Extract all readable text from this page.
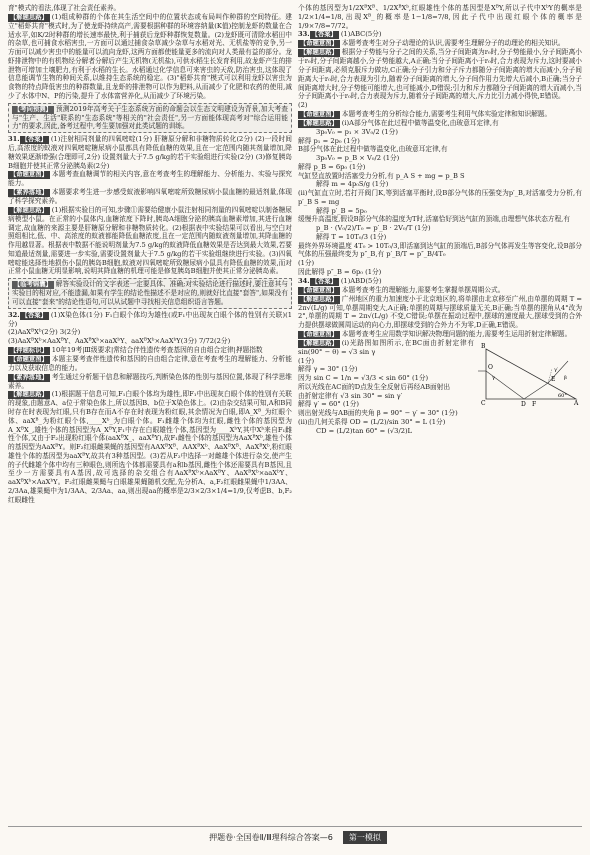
育"模式的看法,体现了社会责任素养。

【解题思路】 (1)组成种群的个体在其生活空间中的位置状态或布局叫作种群的空间特征。建立"稻虾共育"模式时,为了使龙虾持续高产,需要根据种群的环境容纳量(K值)控制龙虾的数量在合适水平,如K/2时种群的增长速率最快,利于捕获后龙虾种群恢复数量。(2)龙虾既可清除水稻田中的杂草,也可捕食水稻害虫,一方面可以通过捕食杂草减少杂草与水稻对光、无机盐等的竞争,另一方面可以减少害虫中的能量可以流向龙虾,这两方面都使能量更多的流向对人类最有益的部分。龙虾排泄物中的有机物经分解者分解后产生无机物(无机盐),可供水稻生长发育利用,故龙虾产生的排泄物可增加土壤肥力,有利于水稻的生长。水稻通过化学信息可来害虫的天敌,防治害虫,这体现了信息能调节生物的种间关系,以维持生态系统的稳定。(3)"稻虾共育"模式可以利用龙虾以害虫为食物的特点降低害虫的种群数量,且龙虾的排泄物可以作为肥料,从而减少了化肥和农药的使用,减少了水体中N、P的污染,提升了水体富营养化,从而减少了环境污染。

【考向预测】 预测2019年高考关于生态系统方面的命题会以生态文明建设为背景,加大考查与"生产、生活"联系的"生态系统"等相关的"社会责任",另一方面能体现高考对"综合运用能力"的要求,因此,备考过程中,考生要加强对此类试题的训练。

31. 【答案】 (1)注射相同剂量的四氧嘧啶(1分) 肝糖原分解和非糖物质转化(2分) (2)一段时间后,高浓度的蚁液对四氧嘧啶糖尿病小鼠都具有降低血糖的效果,且在一定范围内随其剂量增加,降糖效果逐渐增强(合理即可,2分) 设置剂量大于7.5 g/kg的若干实验组进行实验(2分) (3)修复胰岛B细胞并使其正常分泌胰岛素(2分)

【命题意图】 本题考查血糖调节的相关内容,意在考查考生的理解能力、分析能力、实验与探究能力。

【素养落地】 本题要求考生进一步感受蚁液影响四氧嘧啶所致糖尿病小鼠血糖的最适剂量,体现了科学探究素养。

【解题思路】 (1)根据实验目的可知,步骤①需要给健康小鼠注射相同剂量的四氧嘧啶以制备糖尿病模型小鼠。在正常的小鼠体内,血糖浓度下降时,胰岛A细胞分泌的胰高血糖素增加,其进行血糖调定,故血糖的来源主要是肝糖原分解和非糖物质转化。(2)根据表中实验结果可以看出,与空白对照组相比,低、中、高浓度的蚁液都能降低血糖浓度,且在一定范围内随蚁液剂量增加,其降血糖的作用越显著。根据表中数据不能说明剂量为7.5 g/kg的蚁液降低血糖效果是否达到最大效果,若要知道最适剂量,需要进一步实验,需要设置剂量大于7.5 g/kg的若干实验组继续进行实验。(3)四氧嘧啶能选择性地损伤小鼠的胰岛B细胞,蚁液对四氧嘧啶所致糖尿病小鼠具有降低血糖的效果,而对正常小鼠血糖无明显影响,说明其降血糖的机理可能是修复胰岛B细胞并使其正常分泌胰岛素。

【临考锦囊】 解答实验设计的文字表述一定要具体、准确;对实验结论进行描述时,要注意其与实验目的相对应,不能遗漏,如果有学生的结论性描述不是对应的,则就好比直接"套答",如果没有可以直接"套来"的结论性语句,可以从试题中寻找相关信息组织语言答题。

32. 【答案】 (1)X染色体(1分) F₁白眼个体均为雄性(或F₁中出现灰白眼个体的性别有关联)(1分)

(2)AaXᴮXᵇ(2分) 3(2分)

(3)AaXᴮXᵇ×AaXᴮY、AaXᴮXᵇ×aaXᵇY、aaXᴮXᵇ×AaXᵇY(3分) 7/72(2分)

【押题标识】 10年19考|Ⅲ级要求|常结合伴性遗传考查基因的自由组合定律|押题指数

【命题意图】 本题主要考查伴性遗传和基因的自由组合定律,意在考查考生的理解能力、分析能力以及获取信息的能力。

【素养落地】 考生通过分析题干信息和解题技巧,判断染色体的性别与基因位置,体现了科学思维素养。

【解题思路】 (1)根据题干信息可知,F₁白眼个体均为雄性,即F₁中出现灰白眼个体的性别有关联的现象,由题意A、a位于常染色体上,所以基因B、b位于X染色体上。(2)由杂交结果可知,A和B同时存在时表现为红眼,只有B存在而A不存在时表现为粉红眼,其余情况为白眼,即A_Xᴮ_为红眼个体、aaXᴮ_为粉红眼个体,____Xᵇ_为白眼个体。F₁雌雄个体均为红眼,雌性个体的基因型为A_XᴮX_,雄性个体的基因型为A_XᴮY,F₁中存在白眼雄性个体,基因型为____XᵇY,其中Xᵇ来自F₁雌性个体,又由于F₂出现粉红眼个体(aaXᴮX_、aaXᴮY),故F₁雌性个体的基因型为AaXᴮXᵇ,雄性个体的基因型为AaXᴮY。则F₂红眼雌果蝇的基因型有AAXᴮXᴮ、AAXᴮXᵇ、AaXᴮXᴮ、AaXᴮXᵇ,粉红眼雄性个体的基因型为aaXᴮY,故共有3种基因型。(3)若从F₂中选择一对雌雄个体进行杂交,使产生的子代雌雄个体中均有三种眼色,则所选个体都需要具有a和b基因,雌性个体还需要具有B基因,且至少一方需要具有A基因,故可选择的杂交组合有AaXᴮXᵇ×AaXᴮY、AaXᴮXᵇ×aaXᵇY、aaXᴮXᵇ×AaXᵇY。F₂红眼雌果蝇与白眼雄果蝇随机交配,先分析A、a,F₂红眼雌果蝇中1/3AA、2/3Aa,雄果蝇中为1/3AA、2/3Aa、aa,则出现aa的概率是2/3×2/3×1/4=1/9,仅考虑B、b,F₂红眼雌性

个体的基因型为1/2XᴮXᴮ、1/2XᴮXᵇ,红眼雄性个体的基因型是XᴮY,所以子代中XᵇY的概率是1/2×1/4=1/8,出现Xᴮ_的概率是1−1/8=7/8,因此子代中出现红眼个体的概率是1/9×7/8=7/72。

33. 【答案】 (1)ABC(5分)

【命题意图】 本题考查考生对分子动理论的认识,需要考生理解分子的动理论的相关知识。

【解题思路】 根据分子势能与分子之间的关系,当分子间距离为r₀时,分子势能最小,分子间距离小于r₀时,分子间距离越小,分子势能越大,A正确;当分子间距离小于r₀时,合力表现为斥力,这时要减小分子间距离,必须克服斥力做功,C正确;分子引力和分子斥力都随分子间距离的增大而减小,分子间距离大于r₀时,合力表现为引力,随着分子间距离的增大,分子间作用力先增大后减小,B正确;当分子间距离增大时,分子势能可能增大,也可能减小,D错误;引力和斥力都随分子间距离的增大而减小,当分子间距离小于r₀时,合力表现为斥力,随着分子间距离的增大,斥力比引力减小得快,E错误。

(2)

【命题意图】 本题考查考生的分析综合能力,需要考生利用气体实验定律和知识解题。

【解题思路】 (i)A部分气体在此过程中做等温变化,由玻意耳定律,有

3p₀V₀ = p₁ × 3V₀/2 (1分)

解得 p₁ = 2p₀ (1分)

B部分气体在此过程中做等温变化,由玻意耳定律,有

3p₀V₀ = p_B × V₀/2 (1分)

解得 p_B = 6p₀ (1分)

气缸竖直放置时活塞受力分析,有 p_A S + mg = p_B S

解得 m = 4p₀S/g (1分)

(ii)气缸直立时,若打开阀门K,等到活塞平衡时,设B部分气体的压强变为p′_B,对活塞受力分析,有 p′_B S = mg

解得 p′_B = 5p₀

缓慢升高温度,假设B部分气体的温度为T时,活塞恰好到达气缸的顶端,由理想气体状态方程,有

p_B · (V₀/2)/T₀ = p′_B · 2V₀/T (1分)

解得 T = 10T₀/3 (1分)

最终外界环境温度 4T₀ > 10T₀/3,即活塞到达气缸的顶端后,B部分气体再发生等容变化,设B部分气体的压强最终变为 p″_B,有 p′_B/T = p″_B/4T₀

(1分)

因此解得 p″_B = 6p₀ (1分)

34. 【答案】 (1)ABD(5分)

【命题意图】 本题考查考生的理解能力,需要考生掌握单摆周期公式。

【解题思路】 广州地区的重力加速度小于北京地区的,将单摆由北京移至广州,由单摆的周期 T = 2π√(L/g) 可知,单摆周期变大,A正确;单摆的周期与摆球质量无关,B正确;当单摆的摆角从4°改为2°,单摆的周期 T = 2π√(L/g) 不变,C错误;单摆在振动过程中,摆球的速度最大,摆球受到的合外力提供摆球做圆周运动的向心力,即摆球受到的合外力不为零,D正确,E错误。

【命题意图】 本题考查考生应用数学知识解决物理问题的能力,需要考生运用折射定律解题。

B
C	A
D F
E
O
γ
γ′
β
60°

【解题思路】 (i)光路图如图所示,在BC面由折射定律有 sin(90° − θ) = √3 sin γ

(1分)

解得 γ = 30° (1分)

因为 sin C = 1/n = √3/3 < sin 60° (1分)

所以光线在AC面的D点发生全反射后再经AB面射出

由折射定律有 √3 sin 30° = sin γ′

解得 γ′ = 60° (1分)

则出射光线与AB面的夹角 β = 90° − γ′ = 30° (1分)

(ii)由几何关系得 OD = (L/2)/sin 30° = L (1分)

CD = (L/2)tan 60° = (√3/2)L

押题卷·全国卷Ⅱ/Ⅲ理科综合答案—6	第一模拟
